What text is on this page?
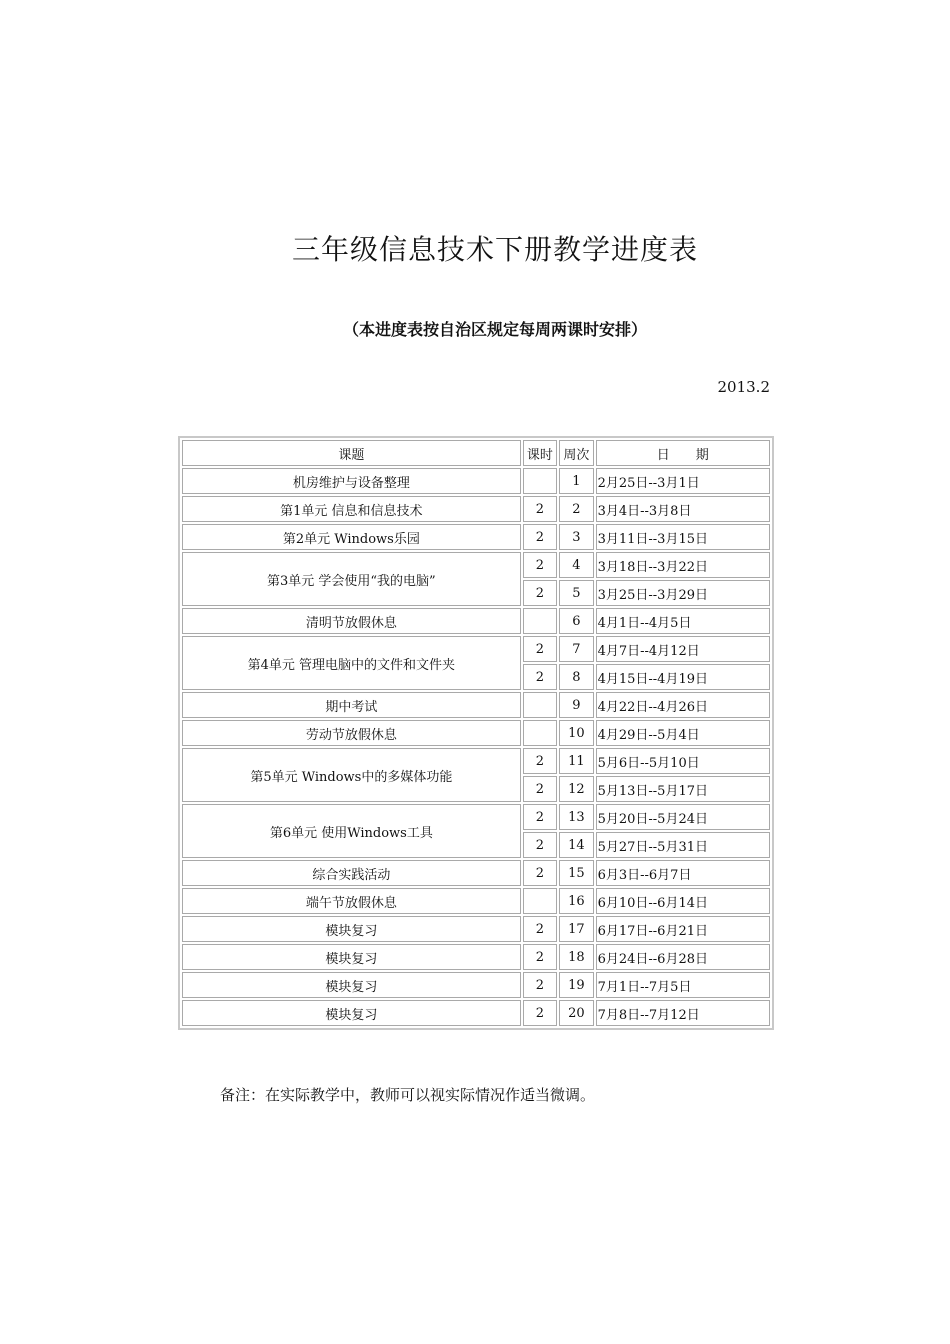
三年级信息技术下册教学进度表
（本进度表按自治区规定每周两课时安排）
2013.2
课题	课时	周次	日　　期
机房维护与设备整理		1	2月25日--3月1日
第1单元 信息和信息技术	2	2	3月4日--3月8日
第2单元 Windows乐园	2	3	3月11日--3月15日
第3单元 学会使用“我的电脑”	2	4	3月18日--3月22日
	2	5	3月25日--3月29日
清明节放假休息		6	4月1日--4月5日
第4单元 管理电脑中的文件和文件夹	2	7	4月7日--4月12日
	2	8	4月15日--4月19日
期中考试		9	4月22日--4月26日
劳动节放假休息		10	4月29日--5月4日
第5单元 Windows中的多媒体功能	2	11	5月6日--5月10日
	2	12	5月13日--5月17日
第6单元 使用Windows工具	2	13	5月20日--5月24日
	2	14	5月27日--5月31日
综合实践活动	2	15	6月3日--6月7日
端午节放假休息		16	6月10日--6月14日
模块复习	2	17	6月17日--6月21日
模块复习	2	18	6月24日--6月28日
模块复习	2	19	7月1日--7月5日
模块复习	2	20	7月8日--7月12日
备注：在实际教学中，教师可以视实际情况作适当微调。
